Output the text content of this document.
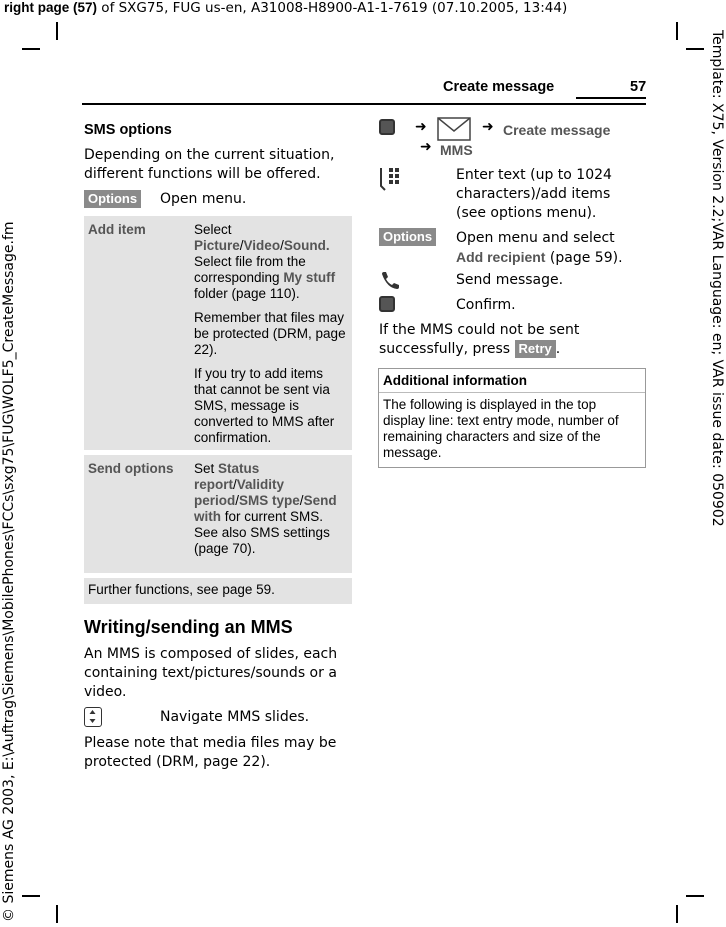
right page (57) of SXG75, FUG us-en, A31008-H8900-A1-1-7619 (07.10.2005, 13:44)
© Siemens AG 2003, E:\Auftrag\Siemens\MobilePhones\FCCs\sxg75\FUG\WOLF5_CreateMessage.fm	Template: X75, Version 2.2;VAR Language: en; VAR issue date: 050902
Create message	57
SMS options
Depending on the current situation, different functions will be offered.
Options Open menu.
Add item	Select Picture/Video/Sound. Select file from the corresponding My stuff folder (page 110).

Remember that files may be protected (DRM, page 22).

If you try to add items that cannot be sent via SMS, message is converted to MMS after confirmation.

Send options	Set Status report/Validity period/SMS type/Send with for current SMS. See also SMS settings (page 70).

Further functions, see page 59.	
Writing/sending an MMS
An MMS is composed of slides, each containing text/pictures/sounds or a video.
Navigate MMS slides.
Please note that media files may be protected (DRM, page 22).
➜	➜ Create message
➜ MMS
Enter text (up to 1024 characters)/add items (see options menu).
Options Open menu and select Add recipient (page 59).
Send message.
Confirm.
If the MMS could not be sent successfully, press Retry .
Additional information
The following is displayed in the top display line: text entry mode, number of remaining characters and size of the message.
